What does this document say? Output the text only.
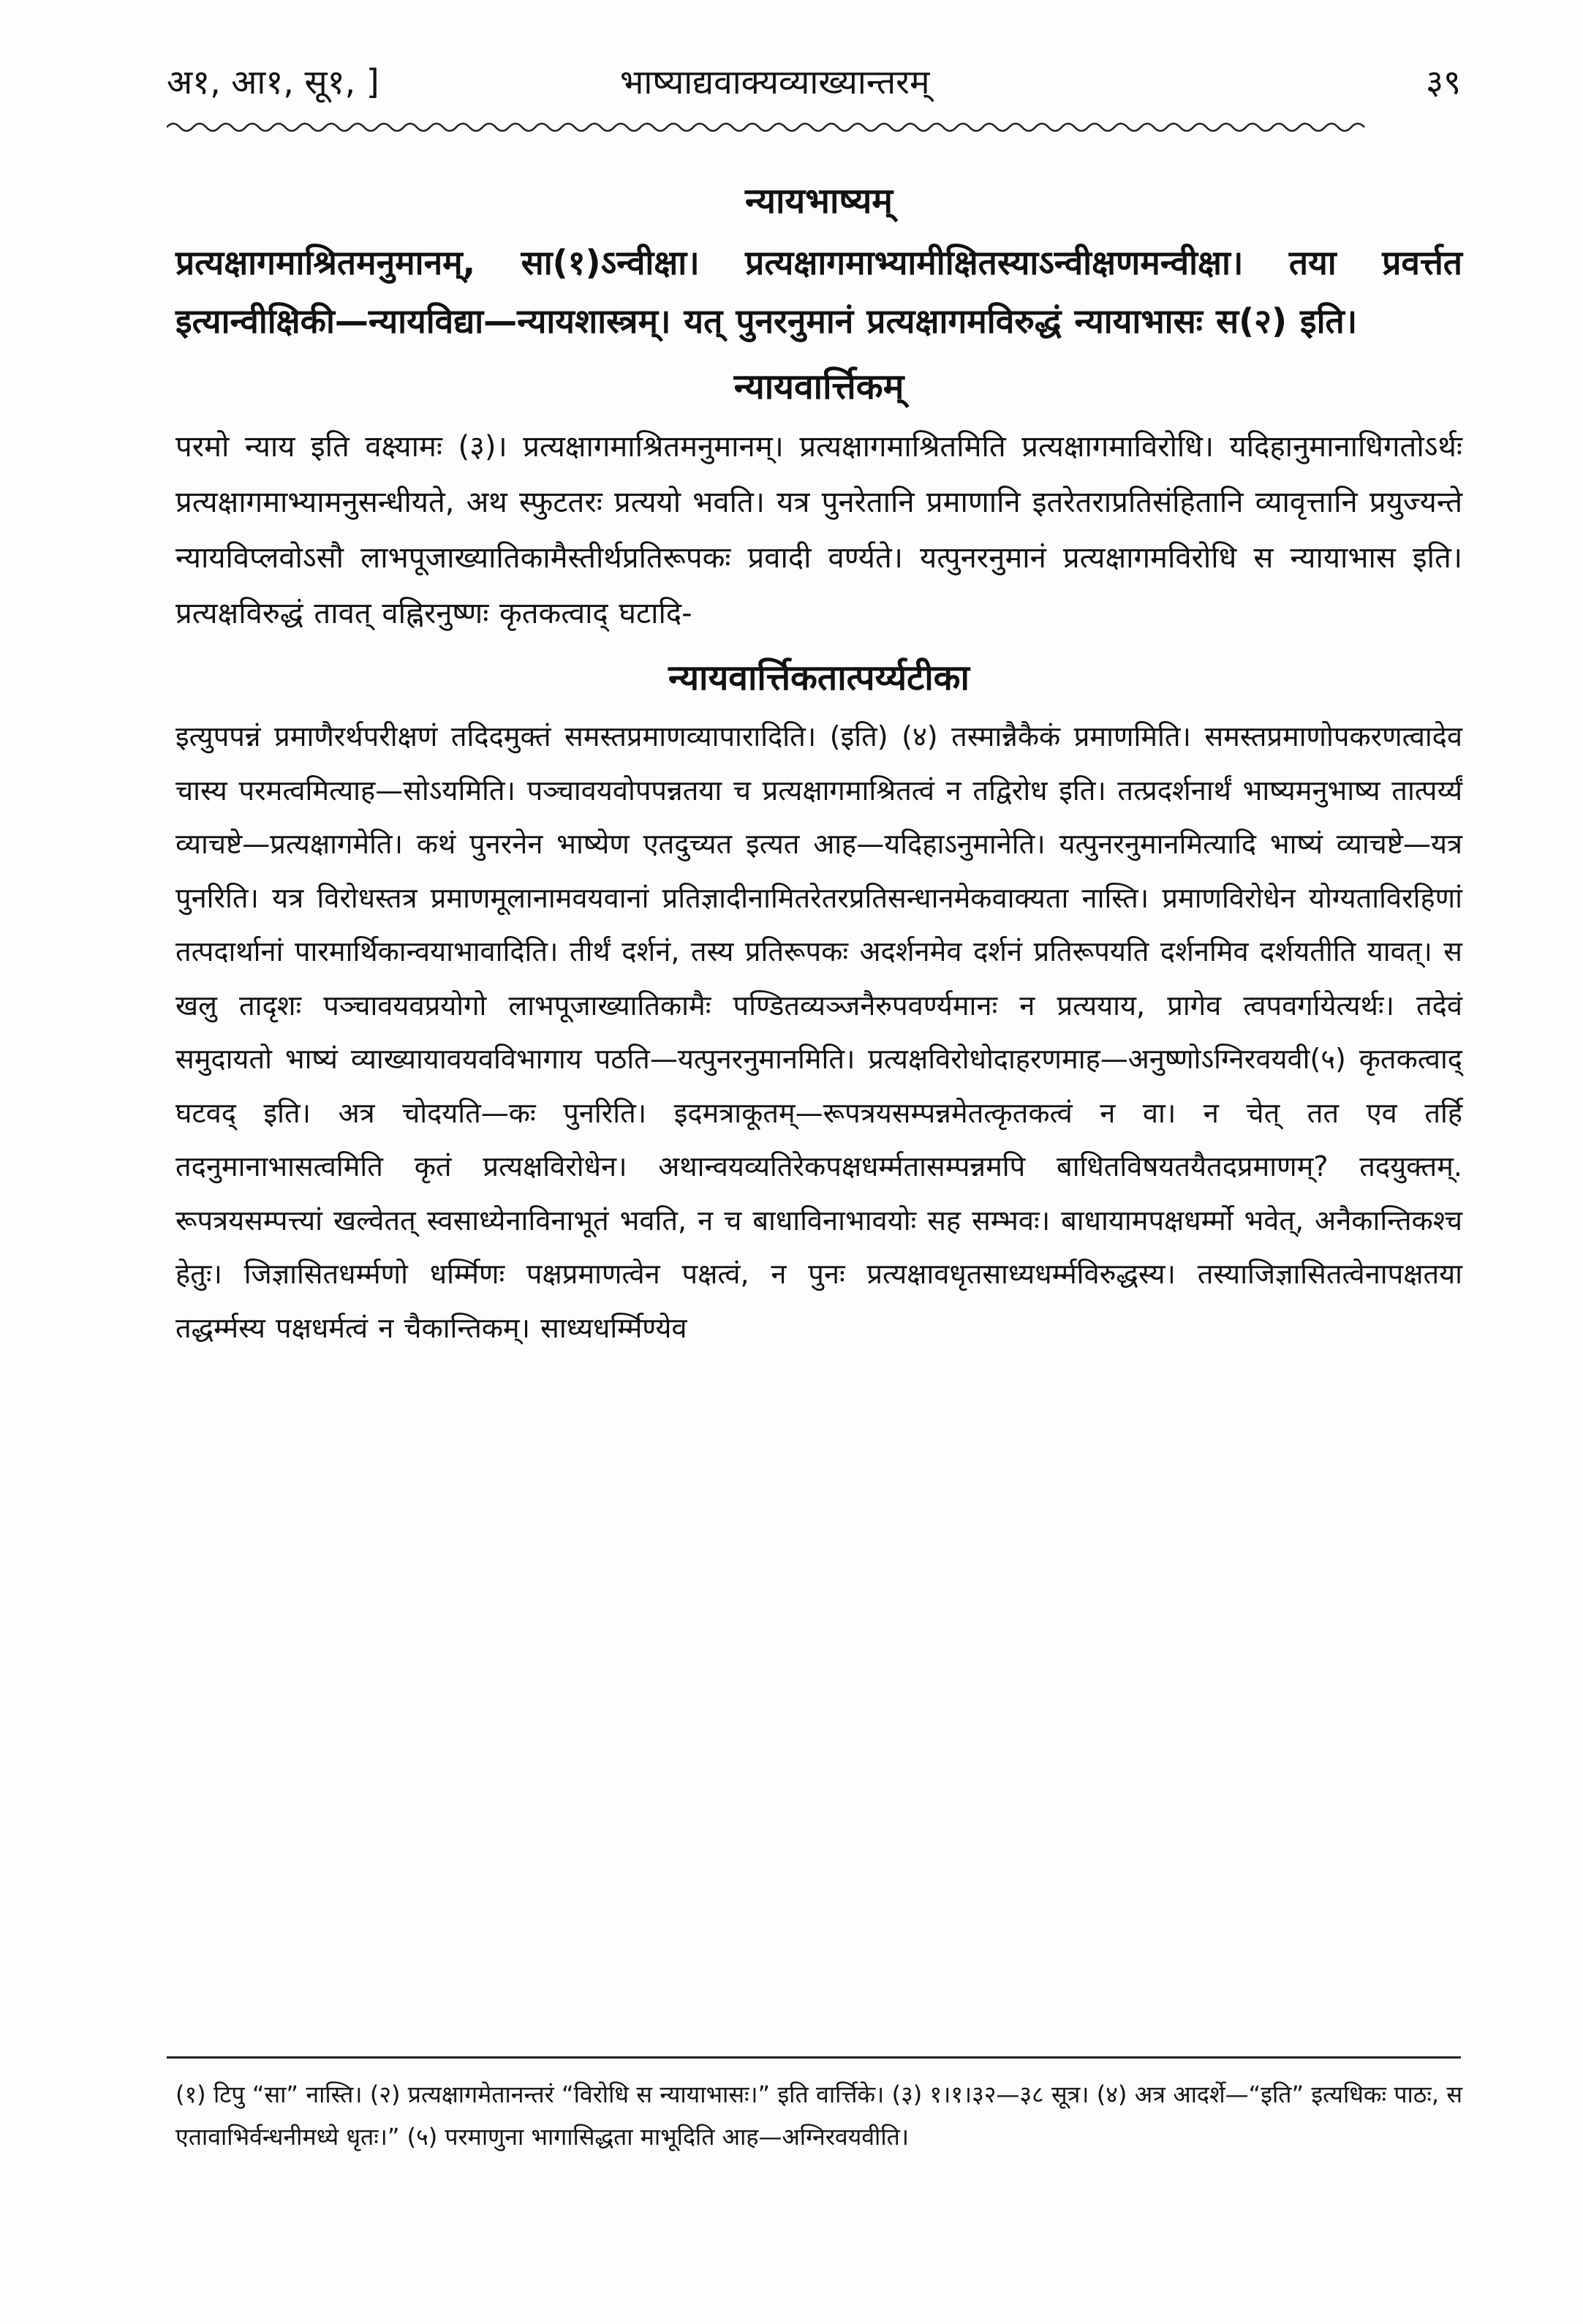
अ१, आ१, सू१, ]	भाष्याद्यवाक्यव्याख्यान्तरम्	३९
न्यायभाष्यम्

प्रत्यक्षागमाश्रितमनुमानम्, सा(१)ऽन्वीक्षा। प्रत्यक्षागमाभ्यामीक्षितस्याऽन्वीक्षणमन्वीक्षा। तया प्रवर्त्तत इत्यान्वीक्षिकी—न्यायविद्या—न्यायशास्त्रम्। यत् पुनरनुमानं प्रत्यक्षागमविरुद्धं न्यायाभासः स(२) इति।

न्यायवार्त्तिकम्

परमो न्याय इति वक्ष्यामः (३)। प्रत्यक्षागमाश्रितमनुमानम्। प्रत्यक्षागमाश्रितमिति प्रत्यक्षागमाविरोधि। यदिहानुमानाधिगतोऽर्थः प्रत्यक्षागमाभ्यामनुसन्धीयते, अथ स्फुटतरः प्रत्ययो भवति। यत्र पुनरेतानि प्रमाणानि इतरेतराप्रतिसंहितानि व्यावृत्तानि प्रयुज्यन्ते न्यायविप्लवोऽसौ लाभपूजाख्यातिकामैस्तीर्थप्रतिरूपकः प्रवादी वर्ण्यते। यत्पुनरनुमानं प्रत्यक्षागमविरोधि स न्यायाभास इति। प्रत्यक्षविरुद्धं तावत् वह्निरनुष्णः कृतकत्वाद् घटादि-

न्यायवार्त्तिकतात्पर्य्यटीका

इत्युपपन्नं प्रमाणैरर्थपरीक्षणं तदिदमुक्तं समस्तप्रमाणव्यापारादिति। (इति) (४) तस्मान्नैकैकं प्रमाणमिति। समस्तप्रमाणोपकरणत्वादेव चास्य परमत्वमित्याह—सोऽयमिति। पञ्चावयवोपपन्नतया च प्रत्यक्षागमाश्रितत्वं न तद्विरोध इति। तत्प्रदर्शनार्थं भाष्यमनुभाष्य तात्पर्य्यं व्याचष्टे—प्रत्यक्षागमेति। कथं पुनरनेन भाष्येण एतदुच्यत इत्यत आह—यदिहाऽनुमानेति। यत्पुनरनुमानमित्यादि भाष्यं व्याचष्टे—यत्र पुनरिति। यत्र विरोधस्तत्र प्रमाणमूलानामवयवानां प्रतिज्ञादीनामितरेतरप्रतिसन्धानमेकवाक्यता नास्ति। प्रमाणविरोधेन योग्यताविरहिणां तत्पदार्थानां पारमार्थिकान्वयाभावादिति। तीर्थं दर्शनं, तस्य प्रतिरूपकः अदर्शनमेव दर्शनं प्रतिरूपयति दर्शनमिव दर्शयतीति यावत्। स खलु तादृशः पञ्चावयवप्रयोगो लाभपूजाख्यातिकामैः पण्डितव्यञ्जनैरुपवर्ण्यमानः न प्रत्ययाय, प्रागेव त्वपवर्गायेत्यर्थः। तदेवं समुदायतो भाष्यं व्याख्यायावयवविभागाय पठति—यत्पुनरनुमानमिति। प्रत्यक्षविरोधोदाहरणमाह—अनुष्णोऽग्निरवयवी(५) कृतकत्वाद् घटवद् इति। अत्र चोदयति—कः पुनरिति। इदमत्राकूतम्—रूपत्रयसम्पन्नमेतत्कृतकत्वं न वा। न चेत् तत एव तर्हि तदनुमानाभासत्वमिति कृतं प्रत्यक्षविरोधेन। अथान्वयव्यतिरेकपक्षधर्म्मतासम्पन्नमपि बाधितविषयतयैतदप्रमाणम्? तदयुक्तम्. रूपत्रयसम्पत्त्यां खल्वेतत् स्वसाध्येनाविनाभूतं भवति, न च बाधाविनाभावयोः सह सम्भवः। बाधायामपक्षधर्म्मो भवेत्, अनैकान्तिकश्च हेतुः। जिज्ञासितधर्म्मणो धर्म्मिणः पक्षप्रमाणत्वेन पक्षत्वं, न पुनः प्रत्यक्षावधृतसाध्यधर्म्मविरुद्धस्य। तस्याजिज्ञासितत्वेनापक्षतया तद्धर्म्मस्य पक्षधर्मत्वं न चैकान्तिकम्। साध्यधर्म्मिण्येव

(१) टिपु “सा” नास्ति। (२) प्रत्यक्षागमेतानन्तरं “विरोधि स न्यायाभासः।” इति वार्त्तिके। (३) १।१।३२—३८ सूत्र। (४) अत्र आदर्शे—“इति” इत्यधिकः पाठः, स एतावाभिर्वन्धनीमध्ये धृतः।” (५) परमाणुना भागासिद्धता माभूदिति आह—अग्निरवयवीति।
